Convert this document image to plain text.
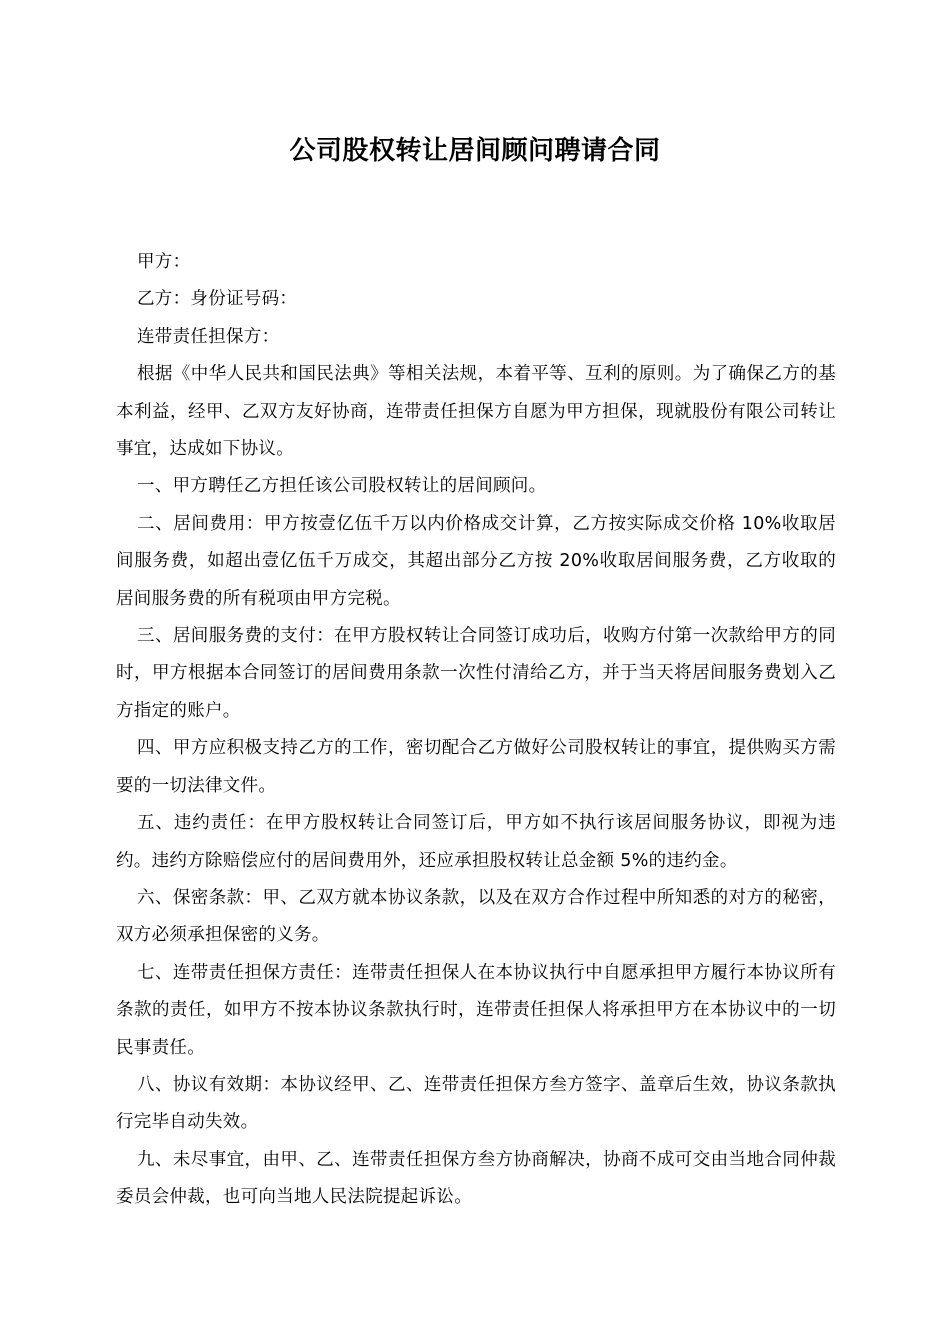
公司股权转让居间顾问聘请合同

甲方：

乙方：身份证号码：

连带责任担保方：

根据《中华人民共和国民法典》等相关法规，本着平等、互利的原则。为了确保乙方的基本利益，经甲、乙双方友好协商，连带责任担保方自愿为甲方担保，现就股份有限公司转让事宜，达成如下协议。

一、甲方聘任乙方担任该公司股权转让的居间顾问。

二、居间费用：甲方按壹亿伍千万以内价格成交计算，乙方按实际成交价格 10%收取居间服务费，如超出壹亿伍千万成交，其超出部分乙方按 20%收取居间服务费，乙方收取的居间服务费的所有税项由甲方完税。

三、居间服务费的支付：在甲方股权转让合同签订成功后，收购方付第一次款给甲方的同时，甲方根据本合同签订的居间费用条款一次性付清给乙方，并于当天将居间服务费划入乙方指定的账户。

四、甲方应积极支持乙方的工作，密切配合乙方做好公司股权转让的事宜，提供购买方需要的一切法律文件。

五、违约责任：在甲方股权转让合同签订后，甲方如不执行该居间服务协议，即视为违约。违约方除赔偿应付的居间费用外，还应承担股权转让总金额 5%的违约金。

六、保密条款：甲、乙双方就本协议条款，以及在双方合作过程中所知悉的对方的秘密，双方必须承担保密的义务。

七、连带责任担保方责任：连带责任担保人在本协议执行中自愿承担甲方履行本协议所有条款的责任，如甲方不按本协议条款执行时，连带责任担保人将承担甲方在本协议中的一切民事责任。

八、协议有效期：本协议经甲、乙、连带责任担保方叁方签字、盖章后生效，协议条款执行完毕自动失效。

九、未尽事宜，由甲、乙、连带责任担保方叁方协商解决，协商不成可交由当地合同仲裁委员会仲裁，也可向当地人民法院提起诉讼。
